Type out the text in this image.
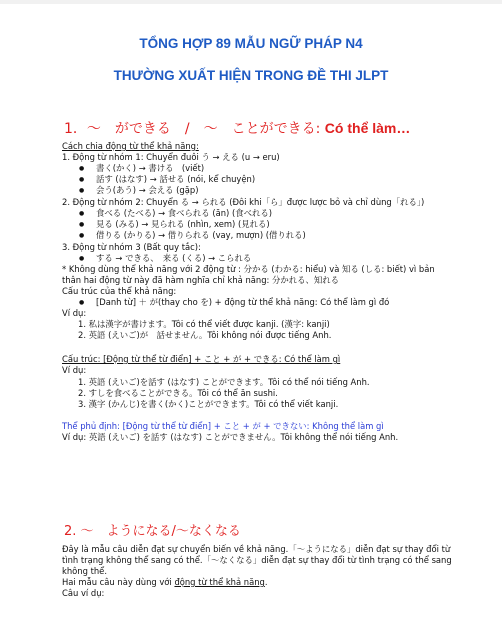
TỔNG HỢP 89 MẪU NGỮ PHÁP N4
THƯỜNG XUẤT HIỆN TRONG ĐỀ THI JLPT
1．～　ができる　/　～　ことができる: Có thể làm…
Cách chia động từ thể khả năng:
1. Động từ nhóm 1: Chuyển đuôi う → える (u → eru)
● 書く(かく) → 書ける　(viết)
● 話す (はなす) → 話せる (nói, kể chuyện)
● 会う(あう) → 会える (gặp)
2. Động từ nhóm 2: Chuyển る → られる (Đôi khi「ら」được lược bỏ và chỉ dùng「れる」)
● 食べる (たべる) → 食べられる (ăn) (食べれる)
● 見る (みる) → 見られる (nhìn, xem) (見れる)
● 借りる (かりる) → 借りられる (vay, mượn) (借りれる)
3. Động từ nhóm 3 (Bất quy tắc):
● する → できる、　来る (くる) → こられる
* Không dùng thể khả năng với 2 động từ : 分かる (わかる: hiểu) và 知る (しる: biết) vì bản
thân hai động từ này đã hàm nghĩa chỉ khả năng: 分かれる、知れる
Cấu trúc của thể khả năng:
● [Danh từ] ＋ が(thay cho を) + động từ thể khả năng: Có thể làm gì đó
Ví dụ:
1. 私は漢字が書けます。Tôi có thể viết được kanji. (漢字: kanji)
2. 英語 (えいご)が　話せません。Tôi không nói được tiếng Anh.
Cấu trúc: [Động từ thể từ điển] + こと + が + できる: Có thể làm gì
Ví dụ:
1. 英語 (えいご)を話す (はなす) ことができます。Tôi có thể nói tiếng Anh.
2. すしを食べることができる。Tôi có thể ăn sushi.
3. 漢字 (かんじ)を書く(かく)ことができます。Tôi có thể viết kanji.
Thể phủ định: [Động từ thể từ điển] + こと + が + できない: Không thể làm gì
Ví dụ: 英語 (えいご) を話す (はなす) ことができません。Tôi không thể nói tiếng Anh.
2. ～　ようになる/～なくなる
Đây là mẫu câu diễn đạt sự chuyển biến về khả năng.「～ようになる」diễn đạt sự thay đổi từ
tình trạng không thể sang có thể.「～なくなる」diễn đạt sự thay đổi từ tình trạng có thể sang
không thể.
Hai mẫu câu này dùng với động từ thể khả năng.
Câu ví dụ:
